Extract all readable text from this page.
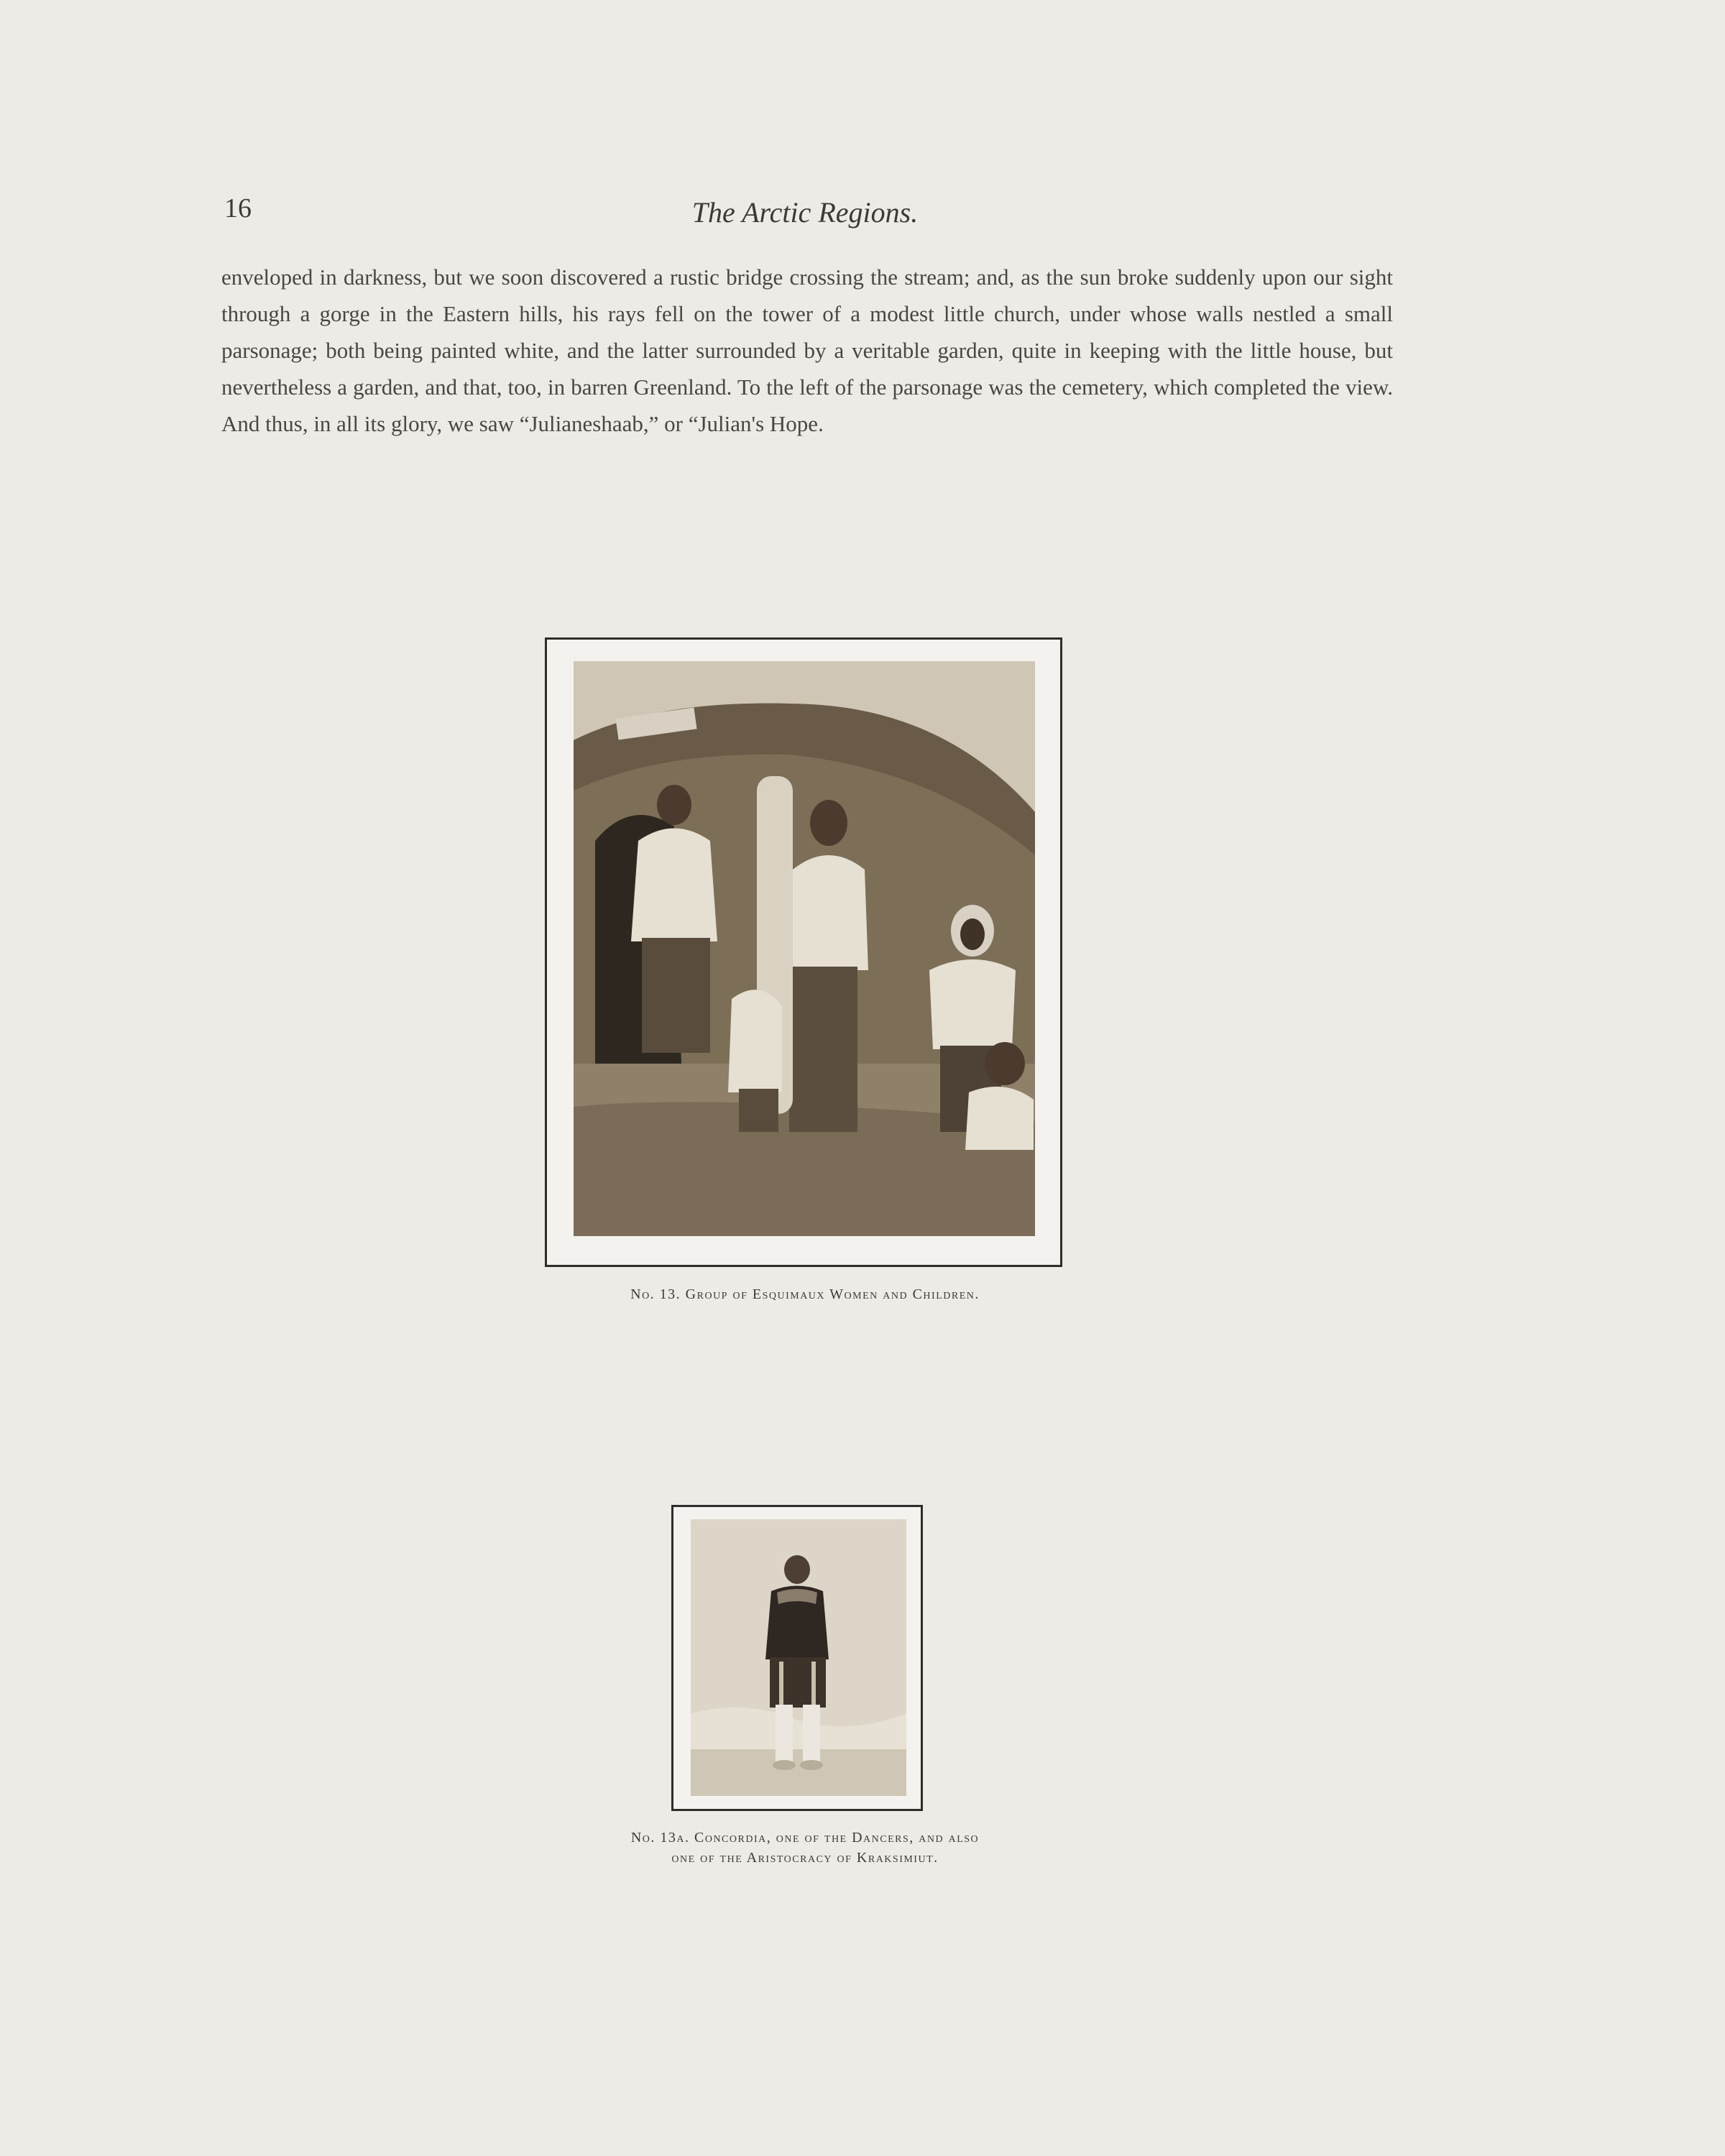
16	The Arctic Regions.

enveloped in darkness, but we soon discovered a rustic bridge crossing the stream; and, as the sun broke suddenly upon our sight through a gorge in the Eastern hills, his rays fell on the tower of a modest little church, under whose walls nestled a small parsonage; both being painted white, and the latter surrounded by a veritable garden, quite in keeping with the little house, but nevertheless a garden, and that, too, in barren Greenland. To the left of the parsonage was the cemetery, which completed the view. And thus, in all its glory, we saw “Julianeshaab,” or “Julian's Hope.

No. 13. Group of Esquimaux Women and Children.
No. 13a. Concordia, one of the Dancers, and also
one of the Aristocracy of Kraksimiut.
